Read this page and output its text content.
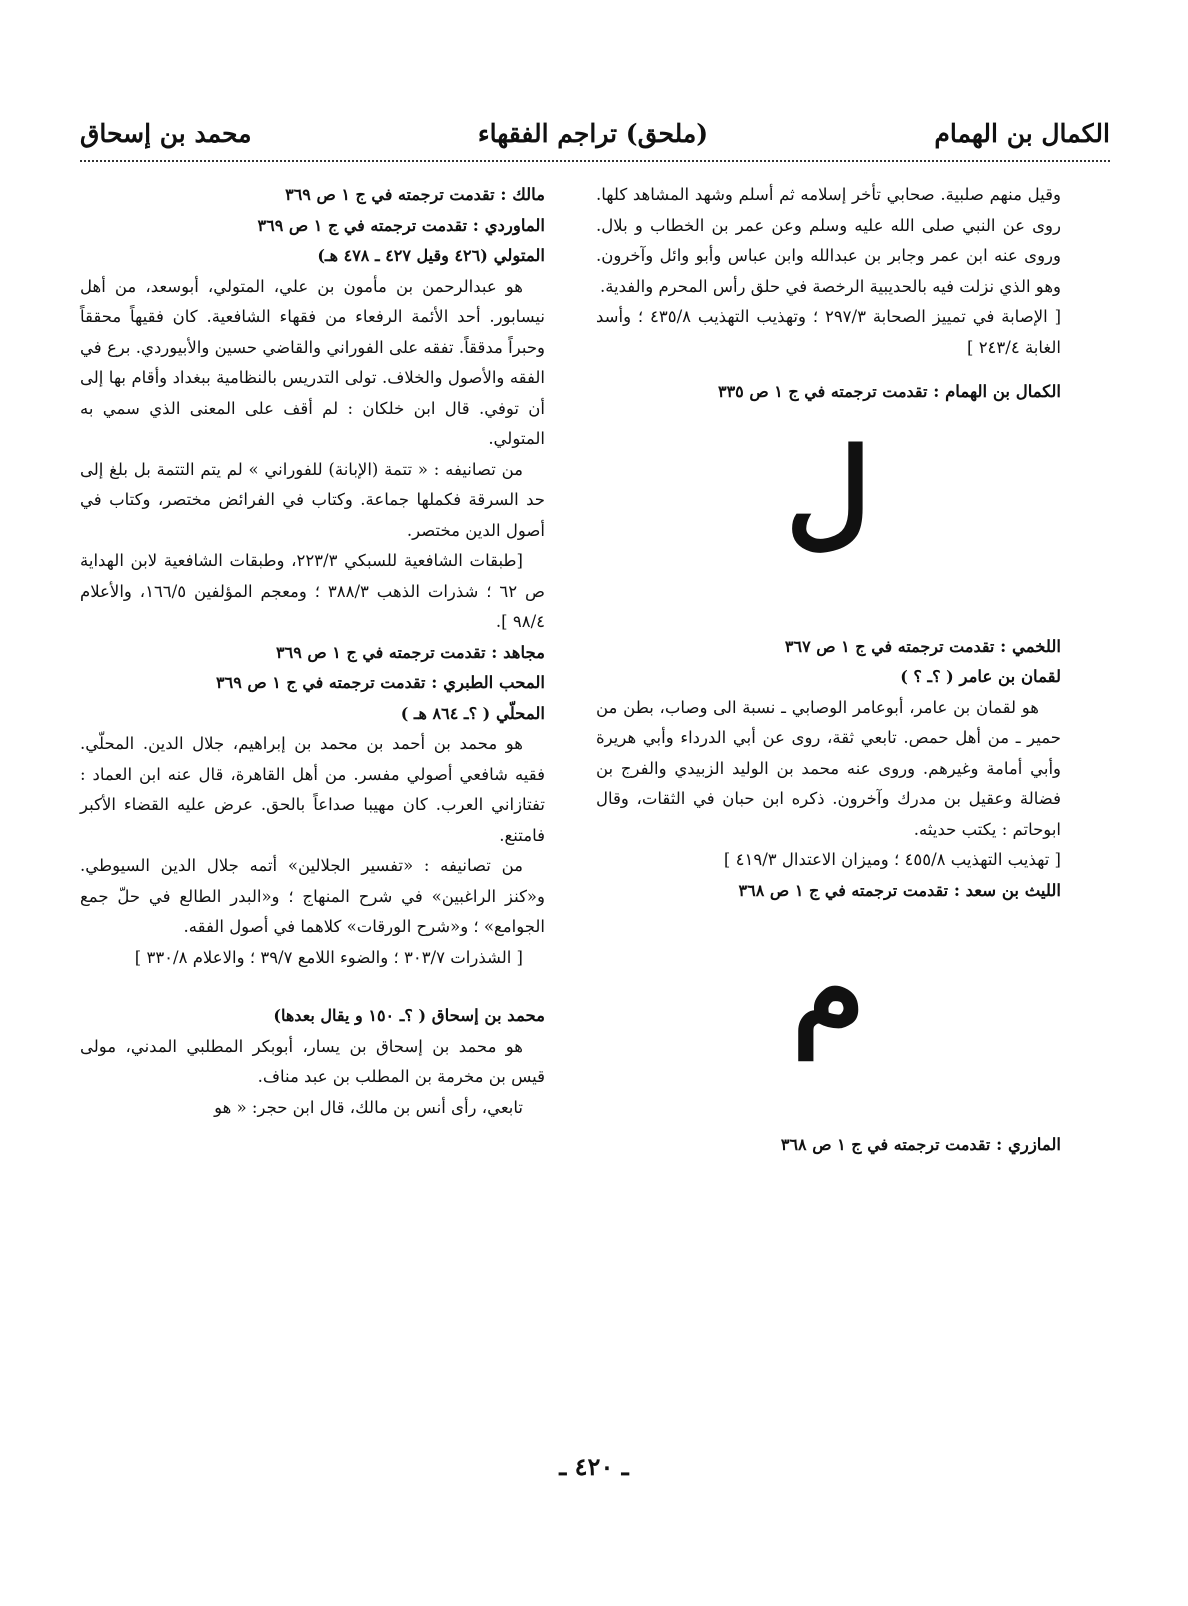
الكمال بن الهمام
(ملحق) تراجم الفقهاء
محمد بن إسحاق

وقيل منهم صلبية. صحابي تأخر إسلامه ثم أسلم وشهد المشاهد كلها. روى عن النبي صلى الله عليه وسلم وعن عمر بن الخطاب و بلال. وروى عنه ابن عمر وجابر بن عبدالله وابن عباس وأبو وائل وآخرون. وهو الذي نزلت فيه بالحديبية الرخصة في حلق رأس المحرم والفدية.

[ الإصابة في تمييز الصحابة ٢٩٧/٣ ؛ وتهذيب التهذيب ٤٣٥/٨ ؛ وأسد الغابة ٢٤٣/٤ ]

الكمال بن الهمام : تقدمت ترجمته في ج ١ ص ٣٣٥

ل

اللخمي : تقدمت ترجمته في ج ١ ص ٣٦٧

لقمان بن عامر ( ؟ـ ؟ )

هو لقمان بن عامر، أبوعامر الوصابي ـ نسبة الى وصاب، بطن من حمير ـ من أهل حمص. تابعي ثقة، روى عن أبي الدرداء وأبي هريرة وأبي أمامة وغيرهم. وروى عنه محمد بن الوليد الزبيدي والفرج بن فضالة وعقيل بن مدرك وآخرون. ذكره ابن حبان في الثقات، وقال ابوحاتم : يكتب حديثه.

[ تهذيب التهذيب ٤٥٥/٨ ؛ وميزان الاعتدال ٤١٩/٣ ]

الليث بن سعد : تقدمت ترجمته في ج ١ ص ٣٦٨

م

المازري : تقدمت ترجمته في ج ١ ص ٣٦٨

مالك : تقدمت ترجمته في ج ١ ص ٣٦٩

الماوردي : تقدمت ترجمته في ج ١ ص ٣٦٩

المتولي (٤٢٦ وقيل ٤٢٧ ـ ٤٧٨ هـ)

هو عبدالرحمن بن مأمون بن علي، المتولي، أبوسعد، من أهل نيسابور. أحد الأئمة الرفعاء من فقهاء الشافعية. كان فقيهاً محققاً وحبراً مدققاً. تفقه على الفوراني والقاضي حسين والأبيوردي. برع في الفقه والأصول والخلاف. تولى التدريس بالنظامية ببغداد وأقام بها إلى أن توفي. قال ابن خلكان : لم أقف على المعنى الذي سمي به المتولي.

من تصانيفه : « تتمة (الإبانة) للفوراني » لم يتم التتمة بل بلغ إلى حد السرقة فكملها جماعة. وكتاب في الفرائض مختصر، وكتاب في أصول الدين مختصر.

[طبقات الشافعية للسبكي ٢٢٣/٣، وطبقات الشافعية لابن الهداية ص ٦٢ ؛ شذرات الذهب ٣٨٨/٣ ؛ ومعجم المؤلفين ١٦٦/٥، والأعلام ٩٨/٤ ].

مجاهد : تقدمت ترجمته في ج ١ ص ٣٦٩

المحب الطبري : تقدمت ترجمته في ج ١ ص ٣٦٩

المحلّي ( ؟ـ ٨٦٤ هـ )

هو محمد بن أحمد بن محمد بن إبراهيم، جلال الدين. المحلّي. فقيه شافعي أصولي مفسر. من أهل القاهرة، قال عنه ابن العماد : تفتازاني العرب. كان مهيبا صداعاً بالحق. عرض عليه القضاء الأكبر فامتنع.

من تصانيفه : «تفسير الجلالين» أتمه جلال الدين السيوطي. و«كنز الراغبين» في شرح المنهاج ؛ و«البدر الطالع في حلّ جمع الجوامع» ؛ و«شرح الورقات» كلاهما في أصول الفقه.

[ الشذرات ٣٠٣/٧ ؛ والضوء اللامع ٣٩/٧ ؛ والاعلام ٣٣٠/٨ ]

محمد بن إسحاق ( ؟ـ ١٥٠ و يقال بعدها)

هو محمد بن إسحاق بن يسار، أبوبكر المطلبي المدني، مولى قيس بن مخرمة بن المطلب بن عبد مناف.

تابعي، رأى أنس بن مالك، قال ابن حجر: « هو

ـ ٤٢٠ ـ
